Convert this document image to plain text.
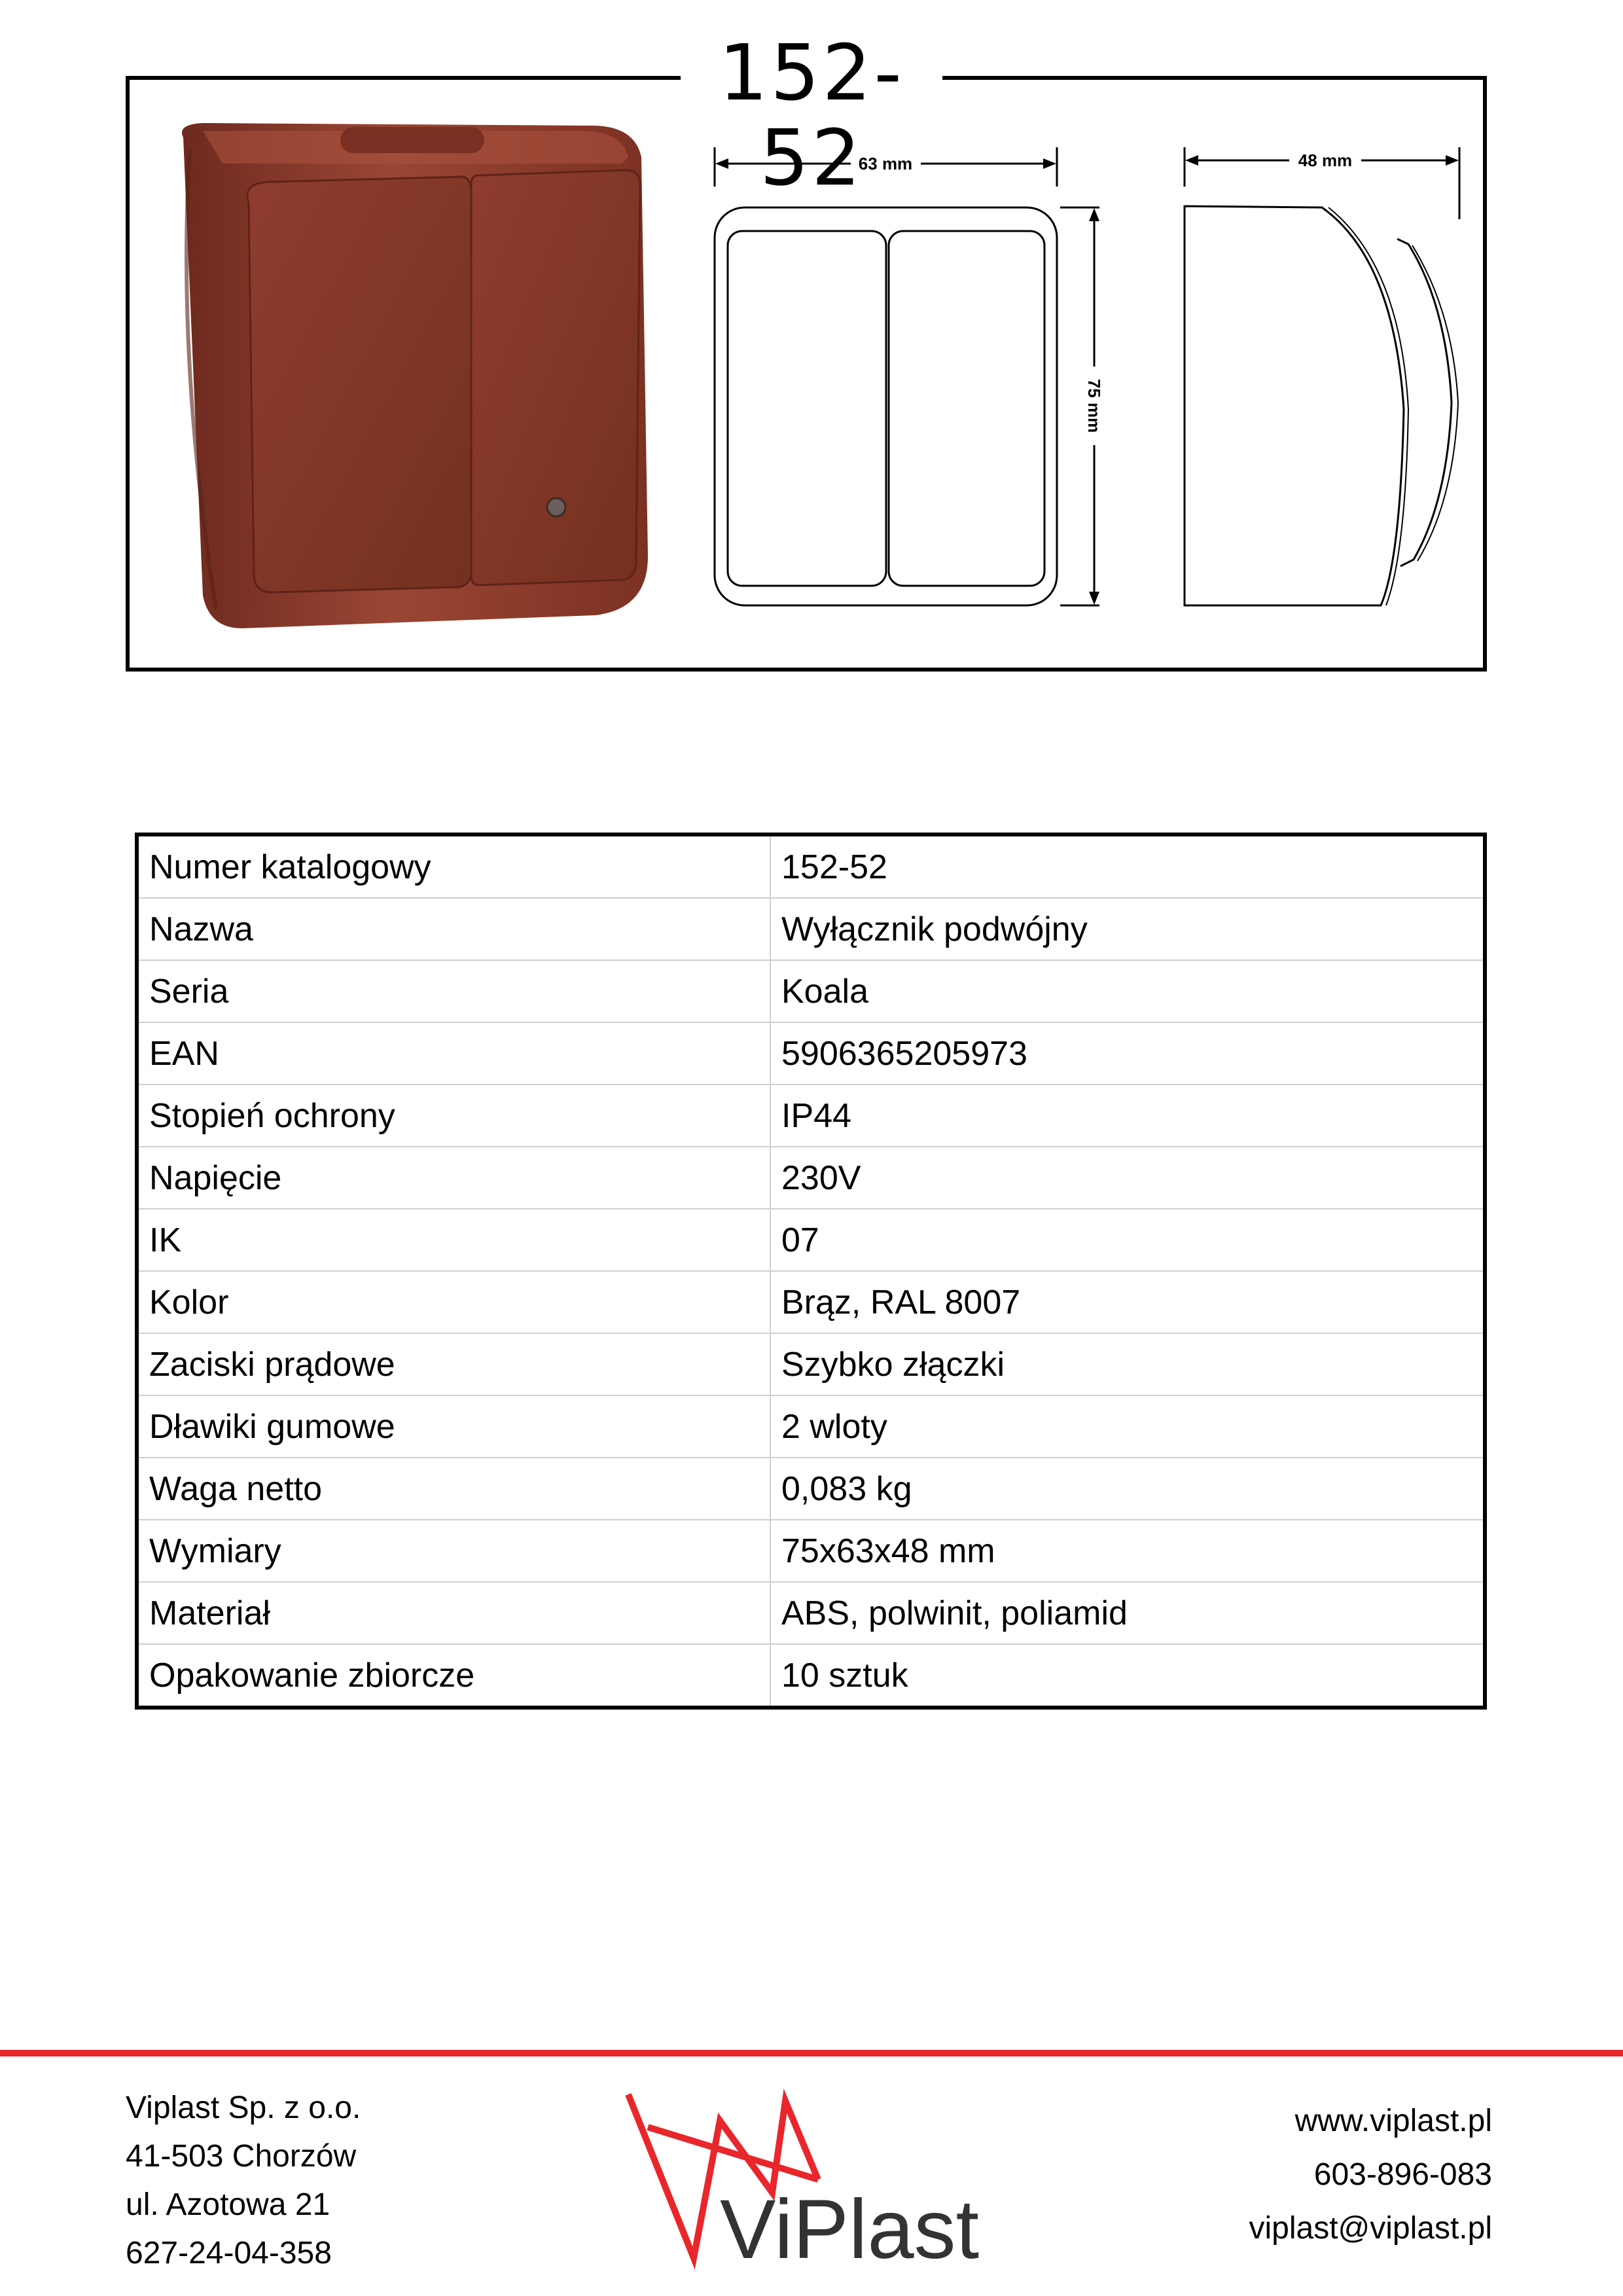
152-52
63 mm
75 mm
48 mm
Numer katalogowy	152-52
Nazwa	Wyłącznik podwójny
Seria	Koala
EAN	5906365205973
Stopień ochrony	IP44
Napięcie	230V
IK	07
Kolor	Brąz, RAL 8007
Zaciski prądowe	Szybko złączki
Dławiki gumowe	2 wloty
Waga netto	0,083 kg
Wymiary	75x63x48 mm
Materiał	ABS, polwinit, poliamid
Opakowanie zbiorcze	10 sztuk
Viplast Sp. z o.o.
41-503 Chorzów
ul. Azotowa 21
627-24-04-358	ViPlast
www.viplast.pl
603-896-083
viplast@viplast.pl
